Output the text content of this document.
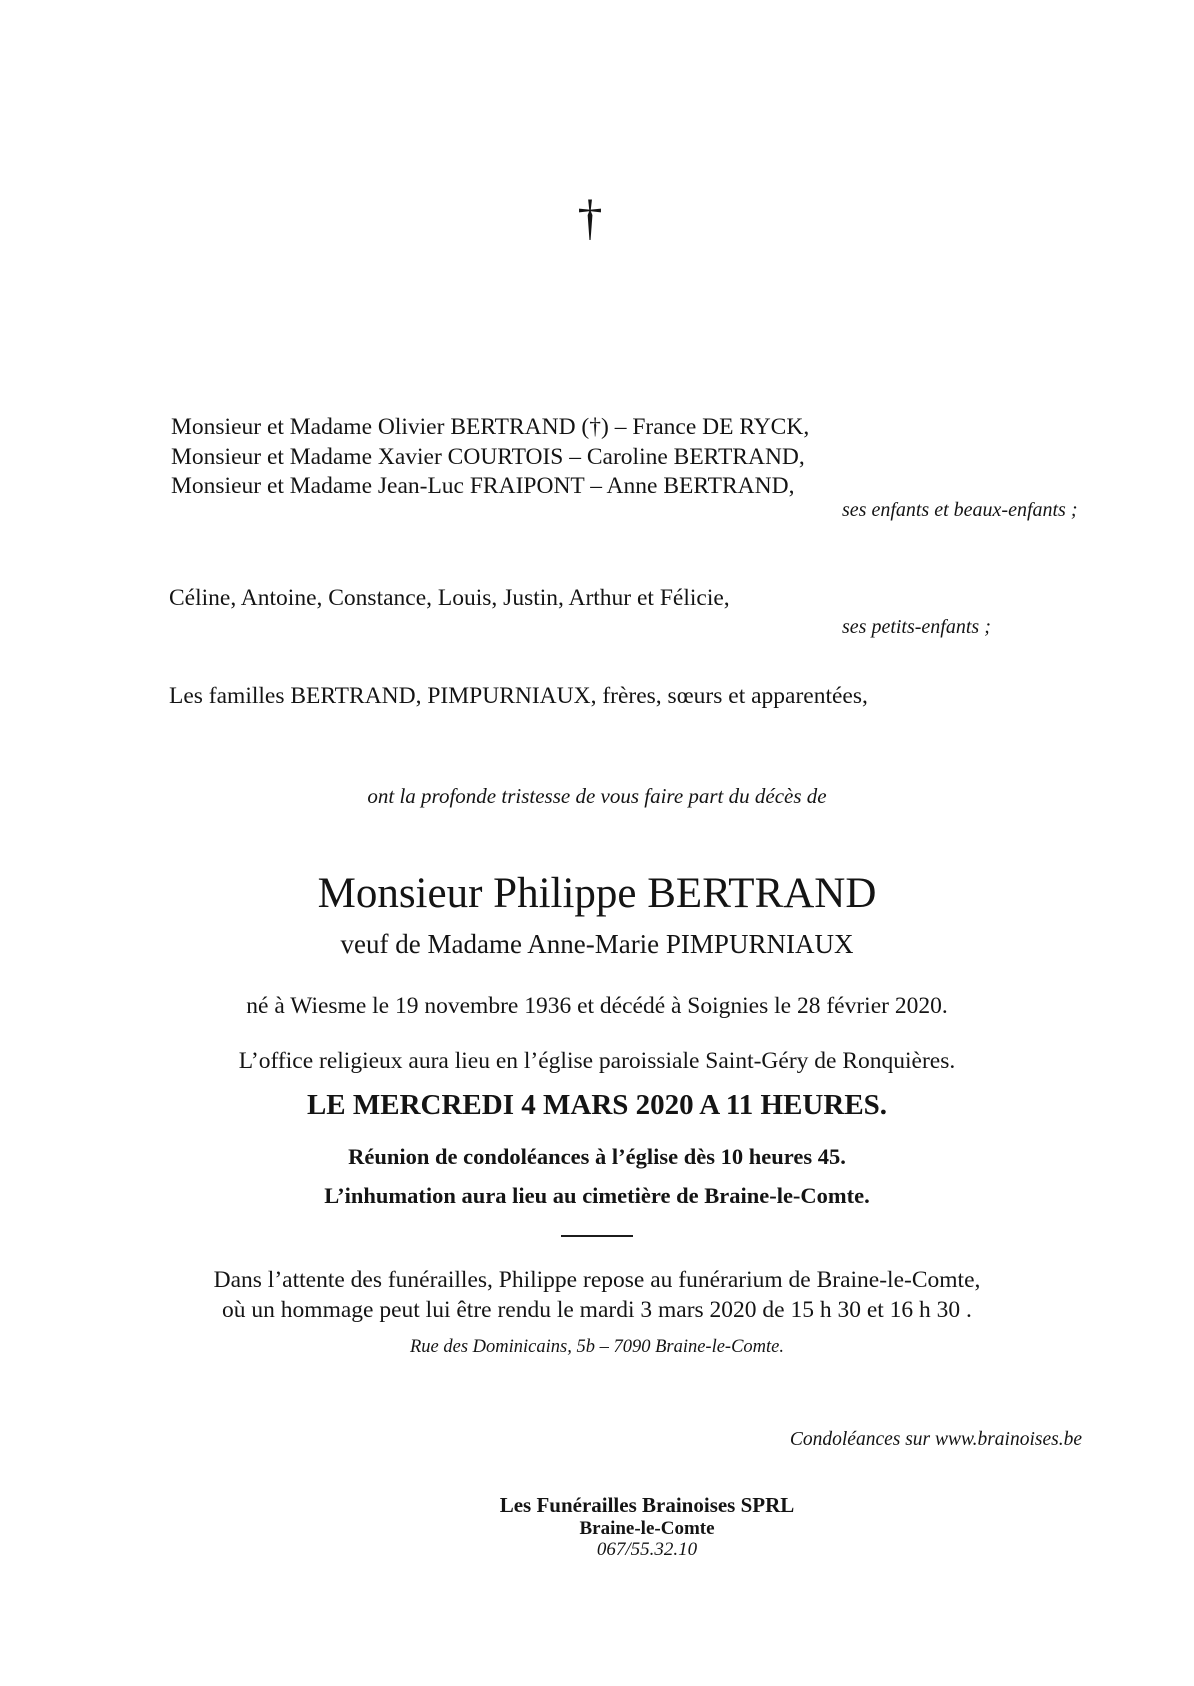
†
Monsieur et Madame Olivier BERTRAND (†) – France DE RYCK,
Monsieur et Madame Xavier COURTOIS – Caroline BERTRAND,
Monsieur et Madame Jean-Luc FRAIPONT – Anne BERTRAND,
ses enfants et beaux-enfants ;
Céline, Antoine, Constance, Louis, Justin, Arthur et Félicie,
ses petits-enfants ;
Les familles BERTRAND, PIMPURNIAUX, frères, sœurs et apparentées,
ont la profonde tristesse de vous faire part du décès de
Monsieur Philippe BERTRAND
veuf de Madame Anne-Marie PIMPURNIAUX
né à Wiesme le 19 novembre 1936 et décédé à Soignies le 28 février 2020.
L’office religieux aura lieu en l’église paroissiale Saint-Géry de Ronquières.
LE MERCREDI 4 MARS 2020 A 11 HEURES.
Réunion de condoléances à l’église dès 10 heures 45.
L’inhumation aura lieu au cimetière de Braine-le-Comte.
Dans l’attente des funérailles, Philippe repose au funérarium de Braine-le-Comte,
où un hommage peut lui être rendu le mardi 3 mars 2020 de 15 h 30 et 16 h 30 .
Rue des Dominicains, 5b – 7090 Braine-le-Comte.
Condoléances sur www.brainoises.be
Les Funérailles Brainoises SPRL
Braine-le-Comte
067/55.32.10
